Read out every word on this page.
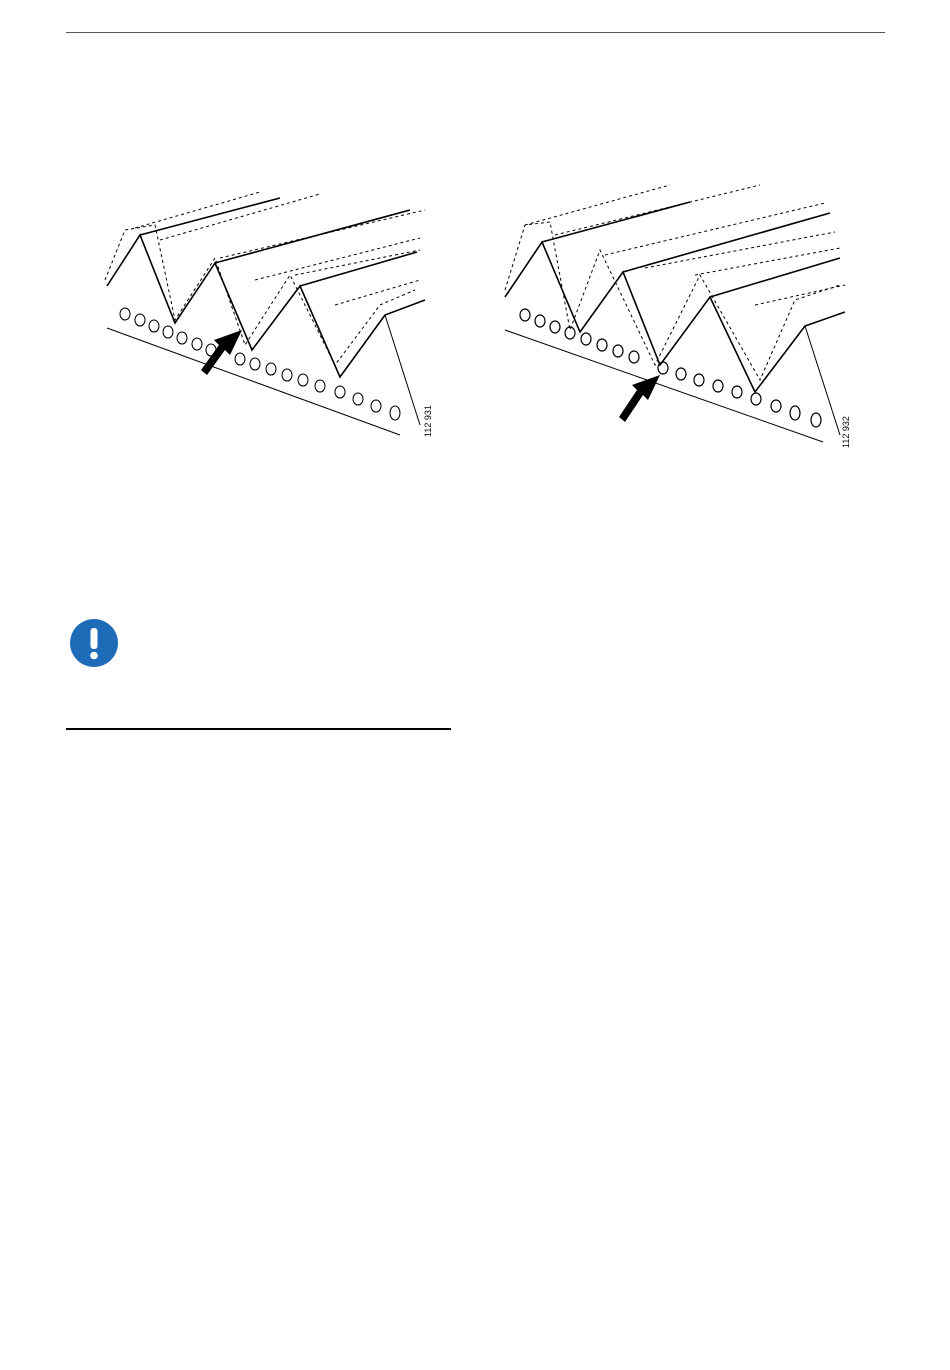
112 931	112 932
